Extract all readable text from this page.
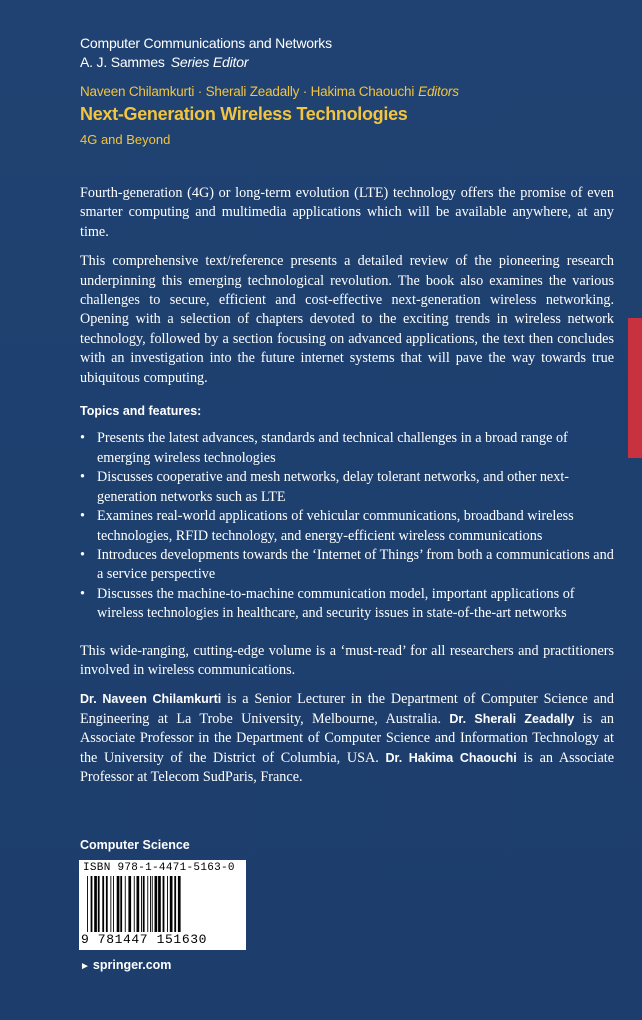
Computer Communications and Networks
A. J. Sammes Series Editor
Naveen Chilamkurti · Sherali Zeadally · Hakima Chaouchi Editors
Next-Generation Wireless Technologies
4G and Beyond

Fourth-generation (4G) or long-term evolution (LTE) technology offers the promise of even smarter computing and multimedia applications which will be available anywhere, at any time.

This comprehensive text/reference presents a detailed review of the pioneering research underpinning this emerging technological revolution. The book also examines the various challenges to secure, efficient and cost-effective next-generation wireless networking. Opening with a selection of chapters devoted to the exciting trends in wireless network technology, followed by a section focusing on advanced applications, the text then concludes with an investigation into the future internet systems that will pave the way towards true ubiquitous computing.

Topics and features:
• Presents the latest advances, standards and technical challenges in a broad range of emerging wireless technologies
• Discusses cooperative and mesh networks, delay tolerant networks, and other next-generation networks such as LTE
• Examines real-world applications of vehicular communications, broadband wireless technologies, RFID technology, and energy-efficient wireless communications
• Introduces developments towards the ‘Internet of Things’ from both a communications and a service perspective
• Discusses the machine-to-machine communication model, important applications of wireless technologies in healthcare, and security issues in state-of-the-art networks

This wide-ranging, cutting-edge volume is a ‘must-read’ for all researchers and practitioners involved in wireless communications.

Dr. Naveen Chilamkurti is a Senior Lecturer in the Department of Computer Science and Engineering at La Trobe University, Melbourne, Australia. Dr. Sherali Zeadally is an Associate Professor in the Department of Computer Science and Information Technology at the University of the District of Columbia, USA. Dr. Hakima Chaouchi is an Associate Professor at Telecom SudParis, France.

Computer Science
ISBN 978-1-4471-5163-0
9 781447 151630
► springer.com
